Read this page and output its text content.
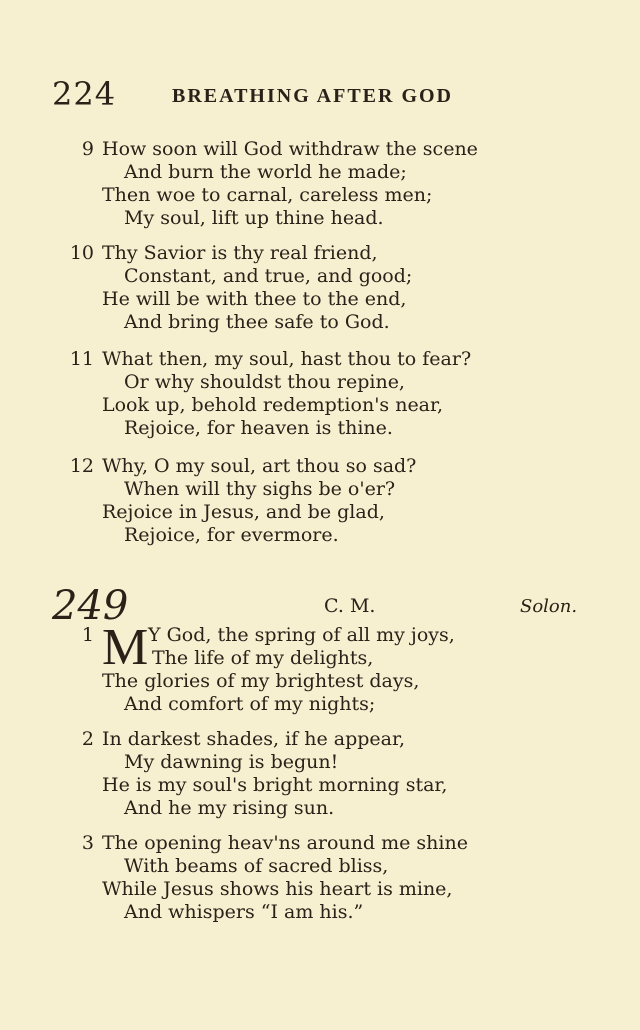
224	BREATHING AFTER GOD
9 How soon will God withdraw the scene
And burn the world he made;
Then woe to carnal, careless men;
My soul, lift up thine head.
10 Thy Savior is thy real friend,
Constant, and true, and good;
He will be with thee to the end,
And bring thee safe to God.
11 What then, my soul, hast thou to fear?
Or why shouldst thou repine,
Look up, behold redemption's near,
Rejoice, for heaven is thine.
12 Why, O my soul, art thou so sad?
When will thy sighs be o'er?
Rejoice in Jesus, and be glad,
Rejoice, for evermore.
249	C. M.	Solon.
M
1	Y God, the spring of all my joys,
The life of my delights,
The glories of my brightest days,
And comfort of my nights;
2 In darkest shades, if he appear,
My dawning is begun!
He is my soul's bright morning star,
And he my rising sun.
3 The opening heav'ns around me shine
With beams of sacred bliss,
While Jesus shows his heart is mine,
And whispers “I am his.”
